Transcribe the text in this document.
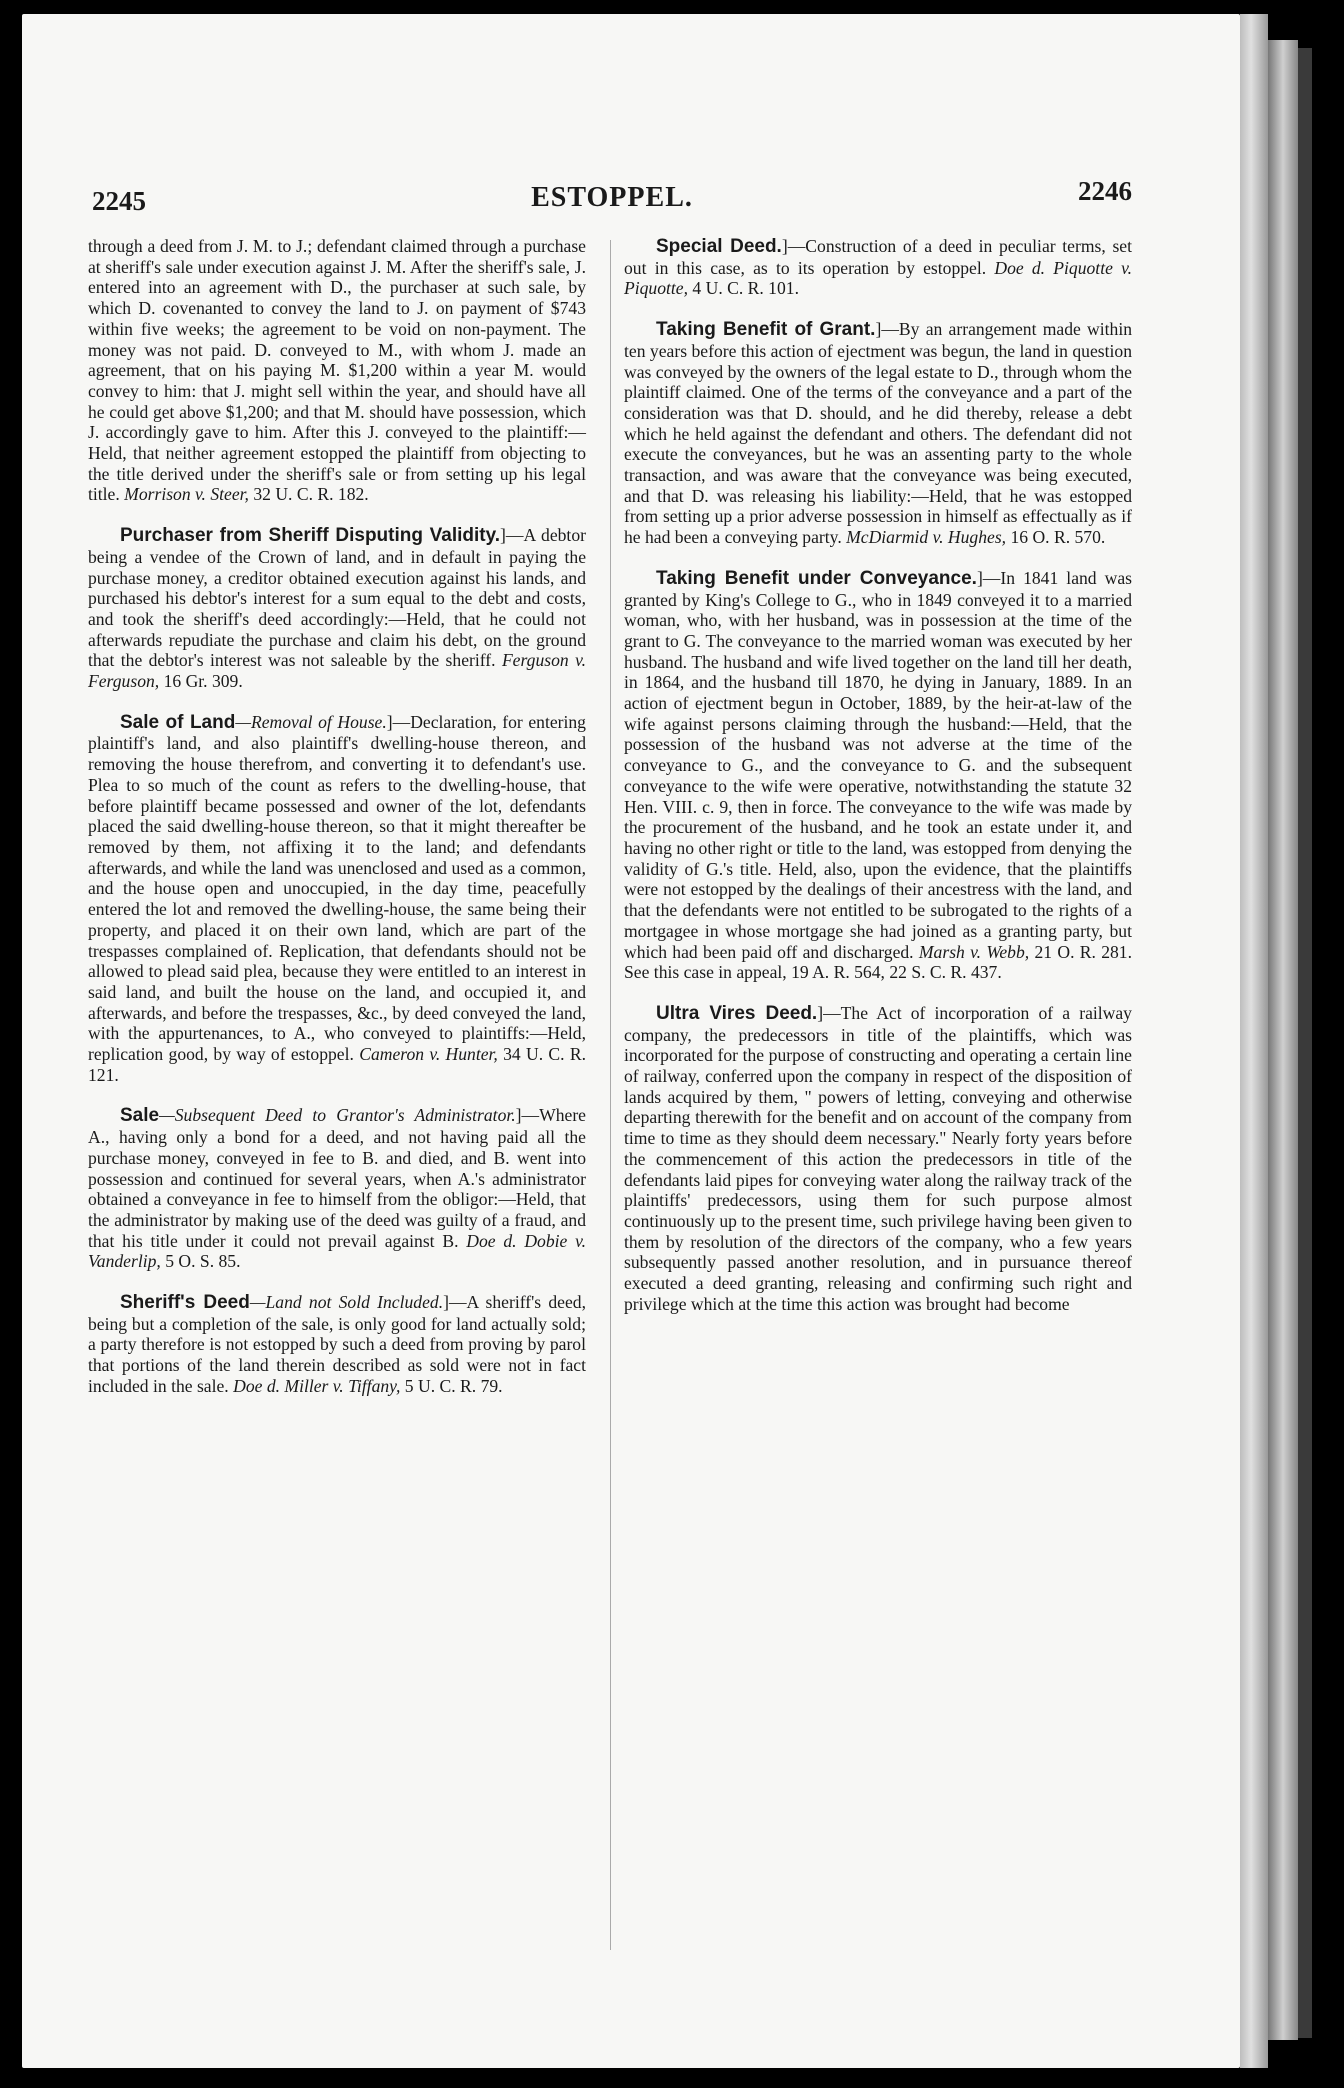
2245	ESTOPPEL.	2246

through a deed from J. M. to J.; defendant claimed through a purchase at sheriff's sale under execution against J. M. After the sheriff's sale, J. entered into an agreement with D., the purchaser at such sale, by which D. covenanted to convey the land to J. on payment of $743 within five weeks; the agreement to be void on non-payment. The money was not paid. D. conveyed to M., with whom J. made an agreement, that on his paying M. $1,200 within a year M. would convey to him: that J. might sell within the year, and should have all he could get above $1,200; and that M. should have possession, which J. accordingly gave to him. After this J. conveyed to the plaintiff:—Held, that neither agreement estopped the plaintiff from objecting to the title derived under the sheriff's sale or from setting up his legal title. Morrison v. Steer, 32 U. C. R. 182.

Purchaser from Sheriff Disputing Validity.]—A debtor being a vendee of the Crown of land, and in default in paying the purchase money, a creditor obtained execution against his lands, and purchased his debtor's interest for a sum equal to the debt and costs, and took the sheriff's deed accordingly:—Held, that he could not afterwards repudiate the purchase and claim his debt, on the ground that the debtor's interest was not saleable by the sheriff. Ferguson v. Ferguson, 16 Gr. 309.

Sale of Land—Removal of House.]—Declaration, for entering plaintiff's land, and also plaintiff's dwelling-house thereon, and removing the house therefrom, and converting it to defendant's use. Plea to so much of the count as refers to the dwelling-house, that before plaintiff became possessed and owner of the lot, defendants placed the said dwelling-house thereon, so that it might thereafter be removed by them, not affixing it to the land; and defendants afterwards, and while the land was unenclosed and used as a common, and the house open and unoccupied, in the day time, peacefully entered the lot and removed the dwelling-house, the same being their property, and placed it on their own land, which are part of the trespasses complained of. Replication, that defendants should not be allowed to plead said plea, because they were entitled to an interest in said land, and built the house on the land, and occupied it, and afterwards, and before the trespasses, &c., by deed conveyed the land, with the appurtenances, to A., who conveyed to plaintiffs:—Held, replication good, by way of estoppel. Cameron v. Hunter, 34 U. C. R. 121.

Sale—Subsequent Deed to Grantor's Administrator.]—Where A., having only a bond for a deed, and not having paid all the purchase money, conveyed in fee to B. and died, and B. went into possession and continued for several years, when A.'s administrator obtained a conveyance in fee to himself from the obligor:—Held, that the administrator by making use of the deed was guilty of a fraud, and that his title under it could not prevail against B. Doe d. Dobie v. Vanderlip, 5 O. S. 85.

Sheriff's Deed—Land not Sold Included.]—A sheriff's deed, being but a completion of the sale, is only good for land actually sold; a party therefore is not estopped by such a deed from proving by parol that portions of the land therein described as sold were not in fact included in the sale. Doe d. Miller v. Tiffany, 5 U. C. R. 79.

Special Deed.]—Construction of a deed in peculiar terms, set out in this case, as to its operation by estoppel. Doe d. Piquotte v. Piquotte, 4 U. C. R. 101.

Taking Benefit of Grant.]—By an arrangement made within ten years before this action of ejectment was begun, the land in question was conveyed by the owners of the legal estate to D., through whom the plaintiff claimed. One of the terms of the conveyance and a part of the consideration was that D. should, and he did thereby, release a debt which he held against the defendant and others. The defendant did not execute the conveyances, but he was an assenting party to the whole transaction, and was aware that the conveyance was being executed, and that D. was releasing his liability:—Held, that he was estopped from setting up a prior adverse possession in himself as effectually as if he had been a conveying party. McDiarmid v. Hughes, 16 O. R. 570.

Taking Benefit under Conveyance.]—In 1841 land was granted by King's College to G., who in 1849 conveyed it to a married woman, who, with her husband, was in possession at the time of the grant to G. The conveyance to the married woman was executed by her husband. The husband and wife lived together on the land till her death, in 1864, and the husband till 1870, he dying in January, 1889. In an action of ejectment begun in October, 1889, by the heir-at-law of the wife against persons claiming through the husband:—Held, that the possession of the husband was not adverse at the time of the conveyance to G., and the conveyance to G. and the subsequent conveyance to the wife were operative, notwithstanding the statute 32 Hen. VIII. c. 9, then in force. The conveyance to the wife was made by the procurement of the husband, and he took an estate under it, and having no other right or title to the land, was estopped from denying the validity of G.'s title. Held, also, upon the evidence, that the plaintiffs were not estopped by the dealings of their ancestress with the land, and that the defendants were not entitled to be subrogated to the rights of a mortgagee in whose mortgage she had joined as a granting party, but which had been paid off and discharged. Marsh v. Webb, 21 O. R. 281. See this case in appeal, 19 A. R. 564, 22 S. C. R. 437.

Ultra Vires Deed.]—The Act of incorporation of a railway company, the predecessors in title of the plaintiffs, which was incorporated for the purpose of constructing and operating a certain line of railway, conferred upon the company in respect of the disposition of lands acquired by them, " powers of letting, conveying and otherwise departing therewith for the benefit and on account of the company from time to time as they should deem necessary." Nearly forty years before the commencement of this action the predecessors in title of the defendants laid pipes for conveying water along the railway track of the plaintiffs' predecessors, using them for such purpose almost continuously up to the present time, such privilege having been given to them by resolution of the directors of the company, who a few years subsequently passed another resolution, and in pursuance thereof executed a deed granting, releasing and confirming such right and privilege which at the time this action was brought had become
